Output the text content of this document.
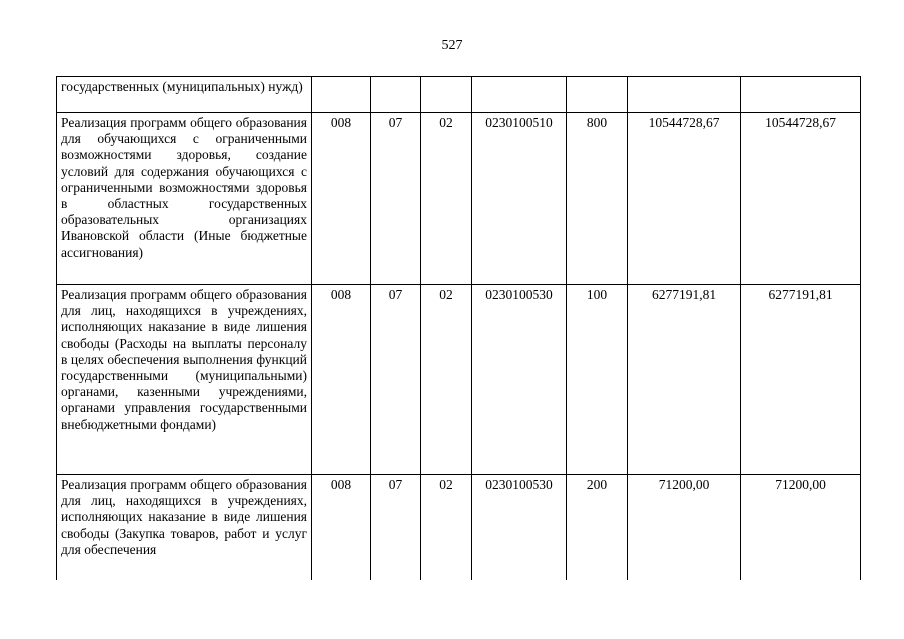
527
государственных (муниципальных) нужд)							
Реализация программ общего образования для обучающихся с ограниченными возможностями здоровья, создание условий для содержания обучающихся с ограниченными возможностями здоровья в областных государственных образовательных организациях Ивановской области (Иные бюджетные ассигнования)	008	07	02	0230100510	800	10544728,67	10544728,67
Реализация программ общего образования для лиц, находящихся в учреждениях, исполняющих наказание в виде лишения свободы (Расходы на выплаты персоналу в целях обеспечения выполнения функций государственными (муниципальными) органами, казенными учреждениями, органами управления государственными внебюджетными фондами)	008	07	02	0230100530	100	6277191,81	6277191,81
Реализация программ общего образования для лиц, находящихся в учреждениях, исполняющих наказание в виде лишения свободы (Закупка товаров, работ и услуг для обеспечения	008	07	02	0230100530	200	71200,00	71200,00
